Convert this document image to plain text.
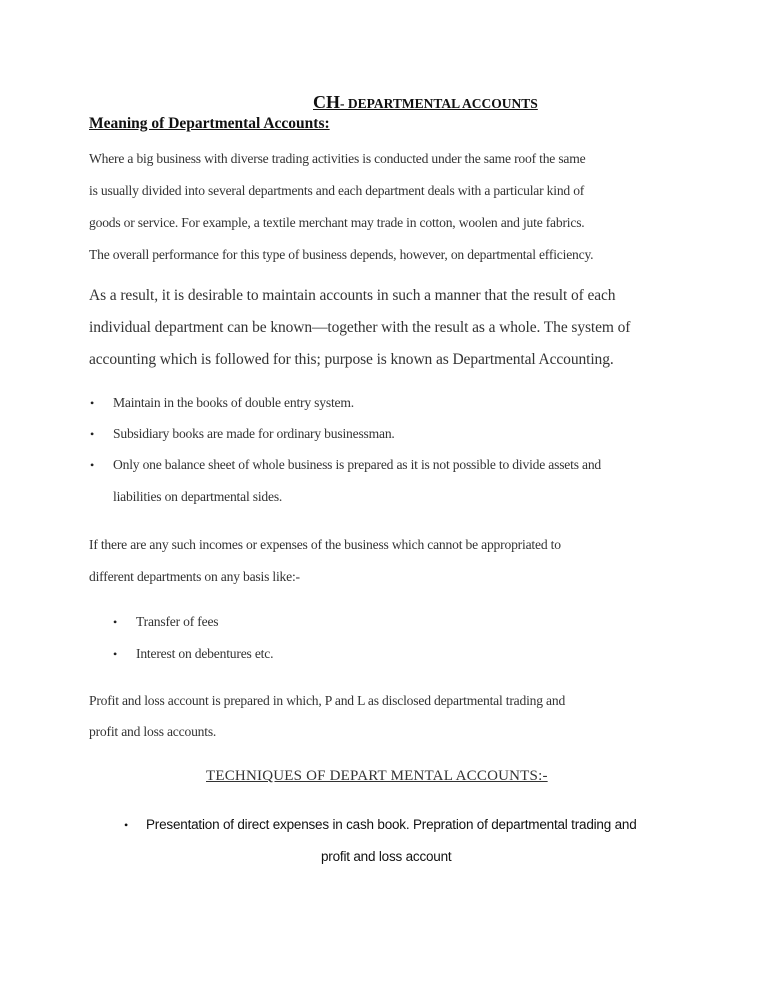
CH- DEPARTMENTAL ACCOUNTS
Meaning of Departmental Accounts:
Where a big business with diverse trading activities is conducted under the same roof the same
is usually divided into several departments and each department deals with a particular kind of
goods or service. For example, a textile merchant may trade in cotton, woolen and jute fabrics.
The overall performance for this type of business depends, however, on departmental efficiency.
As a result, it is desirable to maintain accounts in such a manner that the result of each
individual department can be known—together with the result as a whole. The system of
accounting which is followed for this; purpose is known as Departmental Accounting.
• Maintain in the books of double entry system.
• Subsidiary books are made for ordinary businessman.
• Only one balance sheet of whole business is prepared as it is not possible to divide assets and
liabilities on departmental sides.
If there are any such incomes or expenses of the business which cannot be appropriated to
different departments on any basis like:-
• Transfer of fees
• Interest on debentures etc.
Profit and loss account is prepared in which, P and L as disclosed departmental trading and
profit and loss accounts.
TECHNIQUES OF DEPART MENTAL ACCOUNTS:-
• Presentation of direct expenses in cash book. Prepration of departmental trading and
profit and loss account
